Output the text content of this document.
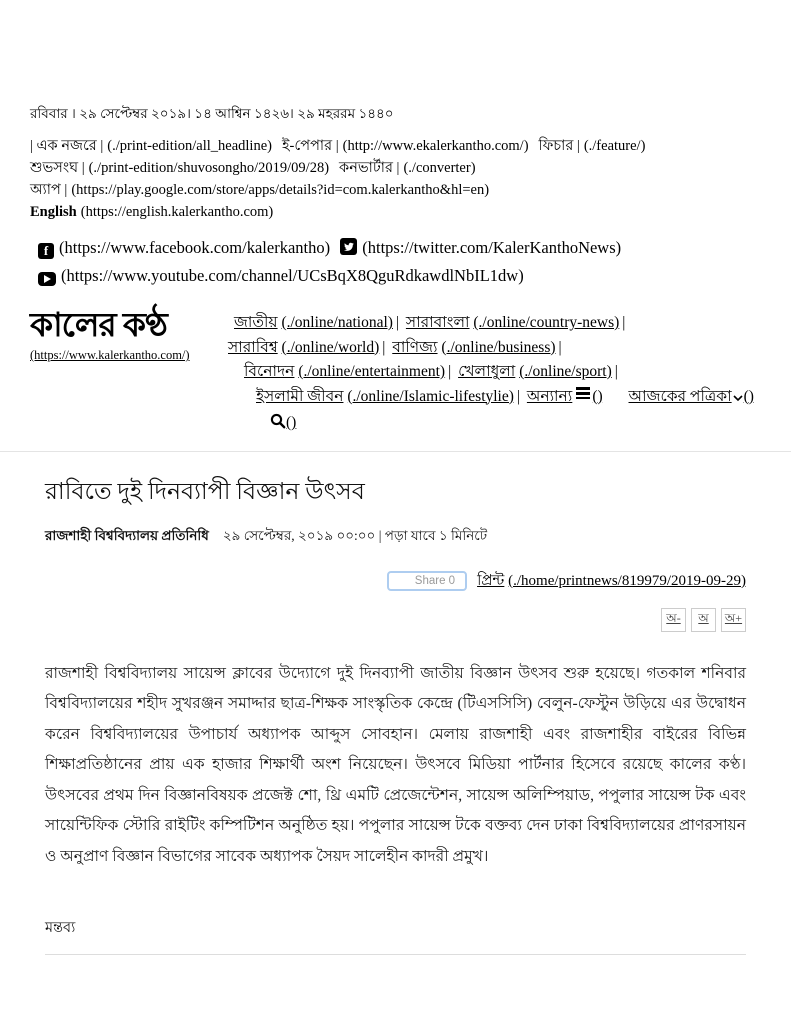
রবিবার । ২৯ সেপ্টেম্বর ২০১৯। ১৪ আশ্বিন ১৪২৬। ২৯ মহররম ১৪৪০
| এক নজরে | (./print-edition/all_headline) ই-পেপার | (http://www.ekalerkantho.com/) ফিচার | (./feature/)
শুভসংঘ | (./print-edition/shuvosongho/2019/09/28) কনভার্টার | (./converter)
অ্যাপ | (https://play.google.com/store/apps/details?id=com.kalerkantho&hl=en)
English (https://english.kalerkantho.com)
f (https://www.facebook.com/kalerkantho) (https://twitter.com/KalerKanthoNews)
(https://www.youtube.com/channel/UCsBqX8QguRdkawdlNbIL1dw)
কালের কণ্ঠ
(https://www.kalerkantho.com/)
জাতীয় (./online/national) | সারাবাংলা (./online/country-news) |
সারাবিশ্ব (./online/world) | বাণিজ্য (./online/business) |
বিনোদন (./online/entertainment) | খেলাধুলা (./online/sport) |
ইসলামী জীবন (./online/Islamic-lifestylie) | অন্যান্য () আজকের পত্রিকা () ()
রাবিতে দুই দিনব্যাপী বিজ্ঞান উৎসব
রাজশাহী বিশ্ববিদ্যালয় প্রতিনিধি ২৯ সেপ্টেম্বর, ২০১৯ ০০:০০ | পড়া যাবে ১ মিনিটে
Share 0	প্রিন্ট (./home/printnews/819979/2019-09-29)
অ-	অ	অ+

রাজশাহী বিশ্ববিদ্যালয় সায়েন্স ক্লাবের উদ্যোগে দুই দিনব্যাপী জাতীয় বিজ্ঞান উৎসব শুরু হয়েছে। গতকাল শনিবার বিশ্ববিদ্যালয়ের শহীদ সুখরঞ্জন সমাদ্দার ছাত্র-শিক্ষক সাংস্কৃতিক কেন্দ্রে (টিএসসিসি) বেলুন-ফেস্টুন উড়িয়ে এর উদ্বোধন করেন বিশ্ববিদ্যালয়ের উপাচার্য অধ্যাপক আব্দুস সোবহান। মেলায় রাজশাহী এবং রাজশাহীর বাইরের বিভিন্ন শিক্ষাপ্রতিষ্ঠানের প্রায় এক হাজার শিক্ষার্থী অংশ নিয়েছেন। উৎসবে মিডিয়া পার্টনার হিসেবে রয়েছে কালের কণ্ঠ। উৎসবের প্রথম দিন বিজ্ঞানবিষয়ক প্রজেক্ট শো, থ্রি এমটি প্রেজেন্টেশন, সায়েন্স অলিম্পিয়াড, পপুলার সায়েন্স টক এবং সায়েন্টিফিক স্টোরি রাইটিং কম্পিটিশন অনুষ্ঠিত হয়। পপুলার সায়েন্স টকে বক্তব্য দেন ঢাকা বিশ্ববিদ্যালয়ের প্রাণরসায়ন ও অনুপ্রাণ বিজ্ঞান বিভাগের সাবেক অধ্যাপক সৈয়দ সালেহীন কাদরী প্রমুখ।

মন্তব্য
